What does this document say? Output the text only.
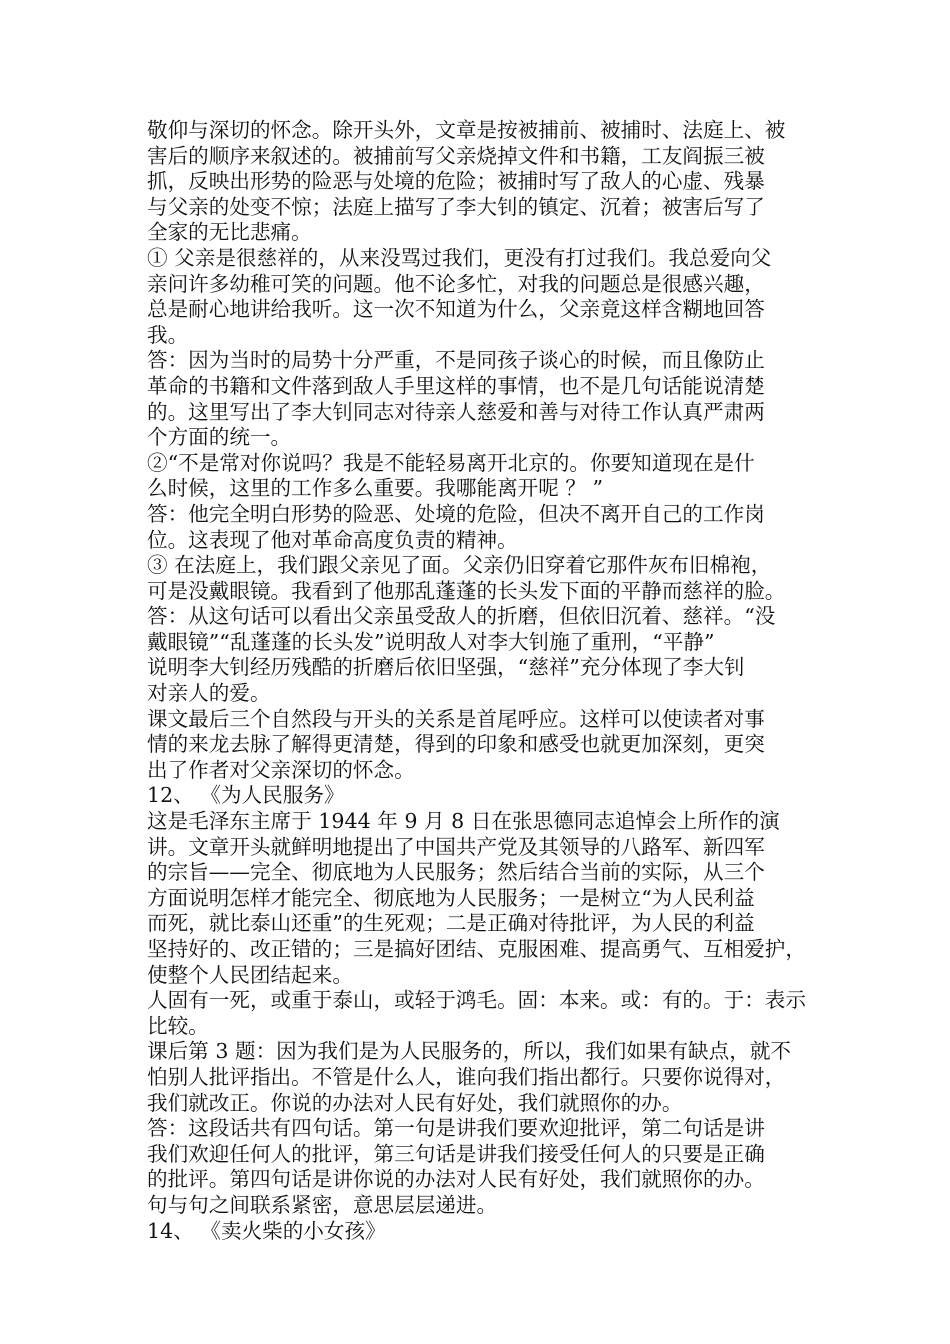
敬仰与深切的怀念。除开头外，文章是按被捕前、被捕时、法庭上、被

害后的顺序来叙述的。被捕前写父亲烧掉文件和书籍，工友阎振三被

抓，反映出形势的险恶与处境的危险；被捕时写了敌人的心虚、残暴

与父亲的处变不惊；法庭上描写了李大钊的镇定、沉着；被害后写了

全家的无比悲痛。

① 父亲是很慈祥的，从来没骂过我们，更没有打过我们。我总爱向父

亲问许多幼稚可笑的问题。他不论多忙，对我的问题总是很感兴趣，

总是耐心地讲给我听。这一次不知道为什么，父亲竟这样含糊地回答

我。

答：因为当时的局势十分严重，不是同孩子谈心的时候，而且像防止

革命的书籍和文件落到敌人手里这样的事情，也不是几句话能说清楚

的。这里写出了李大钊同志对待亲人慈爱和善与对待工作认真严肃两

个方面的统一。

②“不是常对你说吗？我是不能轻易离开北京的。你要知道现在是什

么时候，这里的工作多么重要。我哪能离开呢 ？ ”

答：他完全明白形势的险恶、处境的危险，但决不离开自己的工作岗

位。这表现了他对革命高度负责的精神。

③ 在法庭上，我们跟父亲见了面。父亲仍旧穿着它那件灰布旧棉袍，

可是没戴眼镜。我看到了他那乱蓬蓬的长头发下面的平静而慈祥的脸。

答：从这句话可以看出父亲虽受敌人的折磨，但依旧沉着、慈祥。“没

戴眼镜”“乱蓬蓬的长头发”说明敌人对李大钊施了重刑，“平静”

说明李大钊经历残酷的折磨后依旧坚强，“慈祥”充分体现了李大钊

对亲人的爱。

课文最后三个自然段与开头的关系是首尾呼应。这样可以使读者对事

情的来龙去脉了解得更清楚，得到的印象和感受也就更加深刻，更突

出了作者对父亲深切的怀念。

12、 《为人民服务》

这是毛泽东主席于 1944 年 9 月 8 日在张思德同志追悼会上所作的演

讲。文章开头就鲜明地提出了中国共产党及其领导的八路军、新四军

的宗旨——完全、彻底地为人民服务；然后结合当前的实际，从三个

方面说明怎样才能完全、彻底地为人民服务；一是树立“为人民利益

而死，就比泰山还重”的生死观；二是正确对待批评，为人民的利益

坚持好的、改正错的；三是搞好团结、克服困难、提高勇气、互相爱护，

使整个人民团结起来。

人固有一死，或重于泰山，或轻于鸿毛。固：本来。或：有的。于：表示

比较。

课后第 3 题：因为我们是为人民服务的，所以，我们如果有缺点，就不

怕别人批评指出。不管是什么人，谁向我们指出都行。只要你说得对，

我们就改正。你说的办法对人民有好处，我们就照你的办。

答：这段话共有四句话。第一句是讲我们要欢迎批评，第二句话是讲

我们欢迎任何人的批评，第三句话是讲我们接受任何人的只要是正确

的批评。第四句话是讲你说的办法对人民有好处，我们就照你的办。

句与句之间联系紧密，意思层层递进。

14、 《卖火柴的小女孩》
